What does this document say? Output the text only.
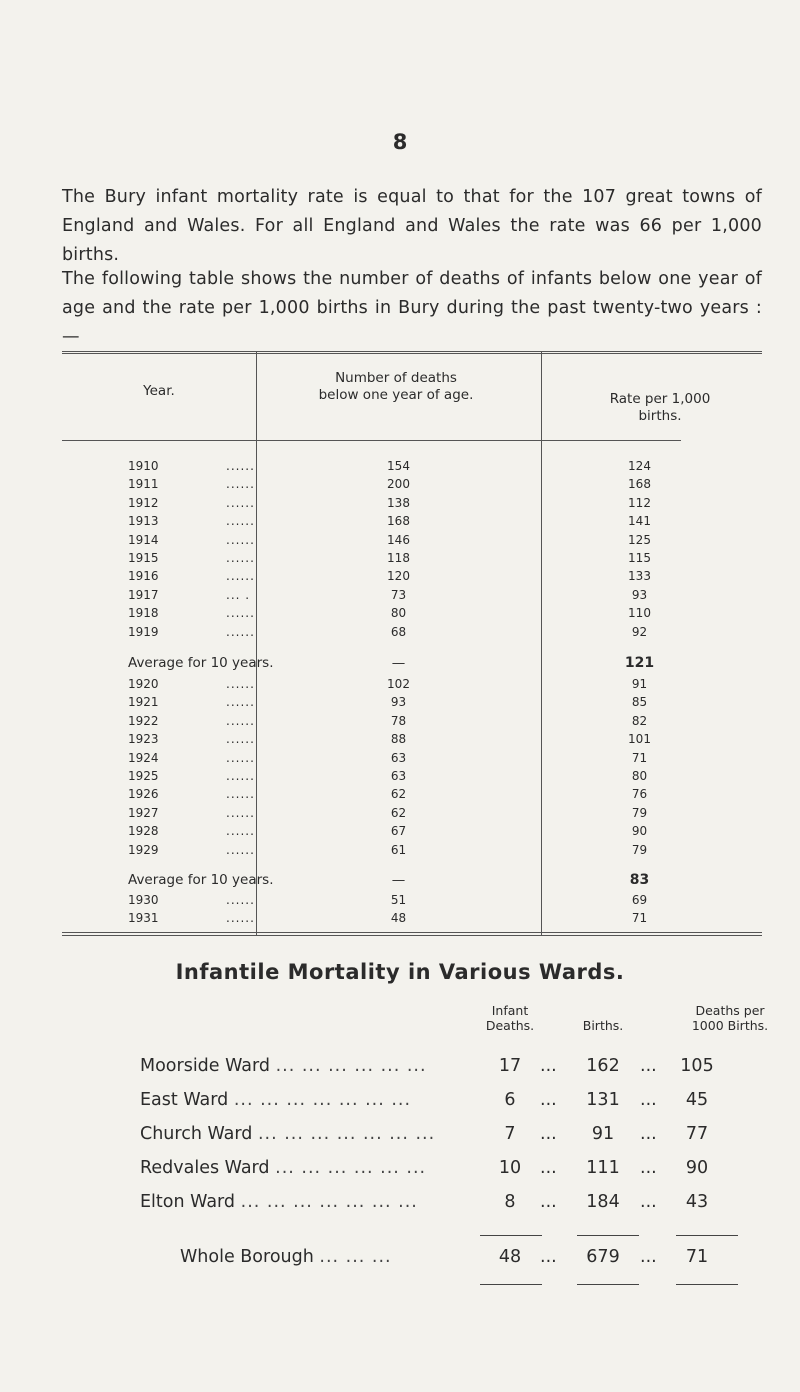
8
The Bury infant mortality rate is equal to that for the 107 great towns of England and Wales. For all England and Wales the rate was 66 per 1,000 births.
The following table shows the number of deaths of infants below one year of age and the rate per 1,000 births in Bury during the past twenty-two years :—
Year.
Number of deaths below one year of age.	Rate per 1,000 births.
1910	......	154	124
1911	......	200	168
1912	......	138	112
1913	......	168	141
1914	......	146	125
1915	......	118	115
1916	......	120	133
1917	... .	73	93
1918	......	80	110
1919	......	68	92
Average for 10 years.	—	121
1920	......	102	91
1921	......	93	85
1922	......	78	82
1923	......	88	101
1924	......	63	71
1925	......	63	80
1926	......	62	76
1927	......	62	79
1928	......	67	90
1929	......	61	79
Average for 10 years.	—	83
1930	......	51	69
1931	......	48	71
Infantile Mortality in Various Wards.
Infant Deaths.	Births.
Deaths per 1000 Births.
Moorside Ward ... ... ... ... ... ...	17	...	162	...	105
East Ward ... ... ... ... ... ... ...	6	...	131	...	45
Church Ward ... ... ... ... ... ... ...	7	...	91	...	77
Redvales Ward ... ... ... ... ... ...	10	...	111	...	90
Elton Ward ... ... ... ... ... ... ...	8	...	184	...	43
Whole Borough ... ... ...	48	...	679	...	71
